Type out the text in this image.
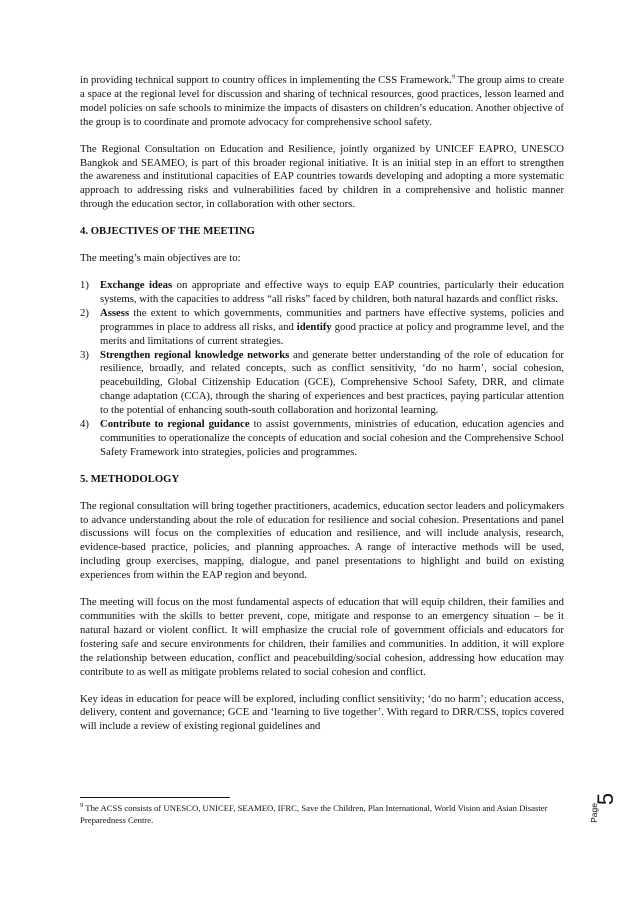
in providing technical support to country offices in implementing the CSS Framework.$^9$ The group aims to create a space at the regional level for discussion and sharing of technical resources, good practices, lesson learned and model policies on safe schools to minimize the impacts of disasters on children’s education. Another objective of the group is to coordinate and promote advocacy for comprehensive school safety.

The Regional Consultation on Education and Resilience, jointly organized by UNICEF EAPRO, UNESCO Bangkok and SEAMEO, is part of this broader regional initiative. It is an initial step in an effort to strengthen the awareness and institutional capacities of EAP countries towards developing and adopting a more systematic approach to addressing risks and vulnerabilities faced by children in a comprehensive and holistic manner through the education sector, in collaboration with other sectors.

4. OBJECTIVES OF THE MEETING

The meeting’s main objectives are to:

1) Exchange ideas on appropriate and effective ways to equip EAP countries, particularly their education systems, with the capacities to address “all risks” faced by children, both natural hazards and conflict risks.
2) Assess the extent to which governments, communities and partners have effective systems, policies and programmes in place to address all risks, and identify good practice at policy and programme level, and the merits and limitations of current strategies.
3) Strengthen regional knowledge networks and generate better understanding of the role of education for resilience, broadly, and related concepts, such as conflict sensitivity, ‘do no harm’, social cohesion, peacebuilding, Global Citizenship Education (GCE), Comprehensive School Safety, DRR, and climate change adaptation (CCA), through the sharing of experiences and best practices, paying particular attention to the potential of enhancing south-south collaboration and horizontal learning.
4) Contribute to regional guidance to assist governments, ministries of education, education agencies and communities to operationalize the concepts of education and social cohesion and the Comprehensive School Safety Framework into strategies, policies and programmes.
5. METHODOLOGY

The regional consultation will bring together practitioners, academics, education sector leaders and policymakers to advance understanding about the role of education for resilience and social cohesion. Presentations and panel discussions will focus on the complexities of education and resilience, and will include analysis, research, evidence-based practice, policies, and planning approaches. A range of interactive methods will be used, including group exercises, mapping, dialogue, and panel presentations to highlight and build on existing experiences from within the EAP region and beyond.

The meeting will focus on the most fundamental aspects of education that will equip children, their families and communities with the skills to better prevent, cope, mitigate and response to an emergency situation – be it natural hazard or violent conflict. It will emphasize the crucial role of government officials and educators for fostering safe and secure environments for children, their families and communities. In addition, it will explore the relationship between education, conflict and peacebuilding/social cohesion, addressing how education may contribute to as well as mitigate problems related to social cohesion and conflict.

Key ideas in education for peace will be explored, including conflict sensitivity; ‘do no harm’; education access, delivery, content and governance; GCE and ‘learning to live together’. With regard to DRR/CSS, topics covered will include a review of existing regional guidelines and

$^9$ The ACSS consists of UNESCO, UNICEF, SEAMEO, IFRC, Save the Children, Plan International, World Vision and Asian Disaster Preparedness Centre.	Page
5
